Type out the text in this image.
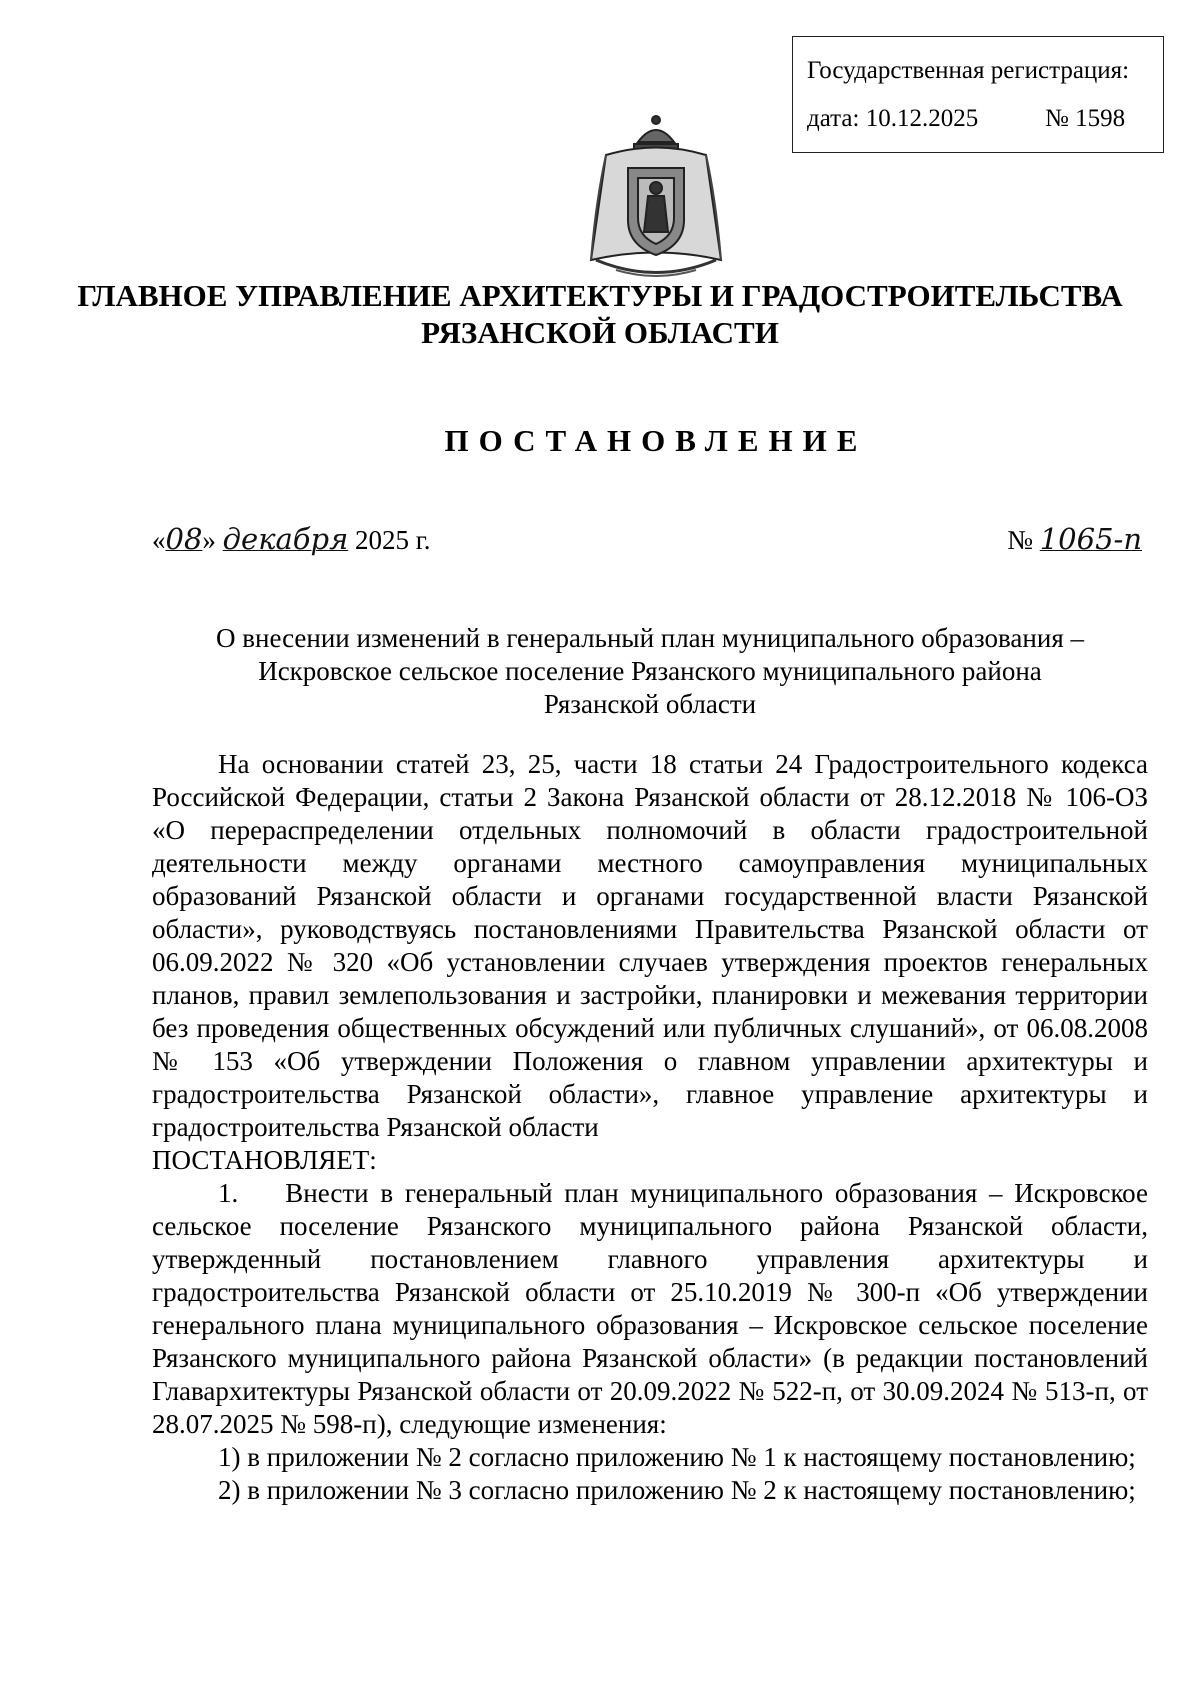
Государственная регистрация:
дата: 10.12.2025	№ 1598
ГЛАВНОЕ УПРАВЛЕНИЕ АРХИТЕКТУРЫ И ГРАДОСТРОИТЕЛЬСТВА
РЯЗАНСКОЙ ОБЛАСТИ
ПОСТАНОВЛЕНИЕ
«08» декабря 2025 г.	№ 1065-п
О внесении изменений в генеральный план муниципального образования –
Искровское сельское поселение Рязанского муниципального района
Рязанской области

На основании статей 23, 25, части 18 статьи 24 Градостроительного кодекса Российской Федерации, статьи 2 Закона Рязанской области от 28.12.2018 № 106-ОЗ «О перераспределении отдельных полномочий в области градостроительной деятельности между органами местного самоуправления муниципальных образований Рязанской области и органами государственной власти Рязанской области», руководствуясь постановлениями Правительства Рязанской области от 06.09.2022 № 320 «Об установлении случаев утверждения проектов генеральных планов, правил землепользования и застройки, планировки и межевания территории без проведения общественных обсуждений или публичных слушаний», от 06.08.2008 № 153 «Об утверждении Положения о главном управлении архитектуры и градостроительства Рязанской области», главное управление архитектуры и градостроительства Рязанской области

ПОСТАНОВЛЯЕТ:

1.    Внести в генеральный план муниципального образования – Искровское сельское поселение Рязанского муниципального района Рязанской области, утвержденный постановлением главного управления архитектуры и градостроительства Рязанской области от 25.10.2019 № 300-п «Об утверждении генерального плана муниципального образования – Искровское сельское поселение Рязанского муниципального района Рязанской области» (в редакции постановлений Главархитектуры Рязанской области от 20.09.2022 № 522-п, от 30.09.2024 № 513-п, от 28.07.2025 № 598-п), следующие изменения:

1) в приложении № 2 согласно приложению № 1 к настоящему постановлению;

2) в приложении № 3 согласно приложению № 2 к настоящему постановлению;
